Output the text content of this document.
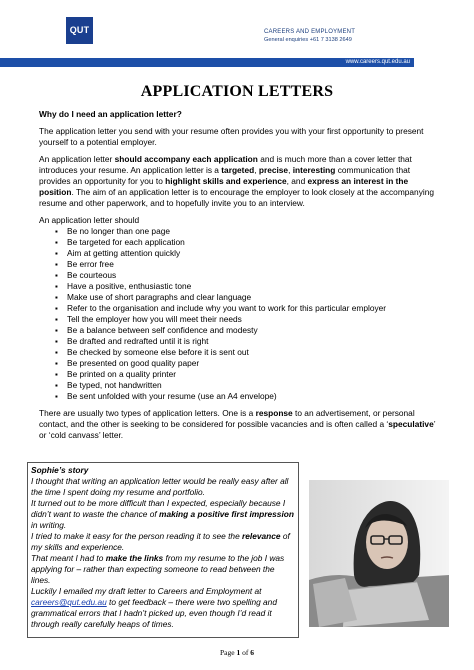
QUT	CAREERS AND EMPLOYMENT
General enquiries +61 7 3138 2649
www.careers.qut.edu.au
APPLICATION LETTERS

Why do I need an application letter?

The application letter you send with your resume often provides you with your first opportunity to present yourself to a potential employer.

An application letter should accompany each application and is much more than a cover letter that introduces your resume. An application letter is a targeted, precise, interesting communication that provides an opportunity for you to highlight skills and experience, and express an interest in the position. The aim of an application letter is to encourage the employer to look closely at the accompanying resume and other paperwork, and to hopefully invite you to an interview.

An application letter should

▪ Be no longer than one page
▪ Be targeted for each application
▪ Aim at getting attention quickly
▪ Be error free
▪ Be courteous
▪ Have a positive, enthusiastic tone
▪ Make use of short paragraphs and clear language
▪ Refer to the organisation and include why you want to work for this particular employer
▪ Tell the employer how you will meet their needs
▪ Be a balance between self confidence and modesty
▪ Be drafted and redrafted until it is right
▪ Be checked by someone else before it is sent out
▪ Be presented on good quality paper
▪ Be printed on a quality printer
▪ Be typed, not handwritten
▪ Be sent unfolded with your resume (use an A4 envelope)

There are usually two types of application letters. One is a response to an advertisement, or personal contact, and the other is seeking to be considered for possible vacancies and is often called a ‘speculative’ or ‘cold canvass’ letter.

Sophie’s story

I thought that writing an application letter would be really easy after all the time I spent doing my resume and portfolio.

It turned out to be more difficult than I expected, especially because I didn’t want to waste the chance of making a positive first impression in writing.

I tried to make it easy for the person reading it to see the relevance of my skills and experience.

That meant I had to make the links from my resume to the job I was applying for – rather than expecting someone to read between the lines.

Luckily I emailed my draft letter to Careers and Employment at careers@qut.edu.au to get feedback – there were two spelling and grammatical errors that I hadn’t picked up, even though I’d read it through really carefully heaps of times.

Page 1 of 6
